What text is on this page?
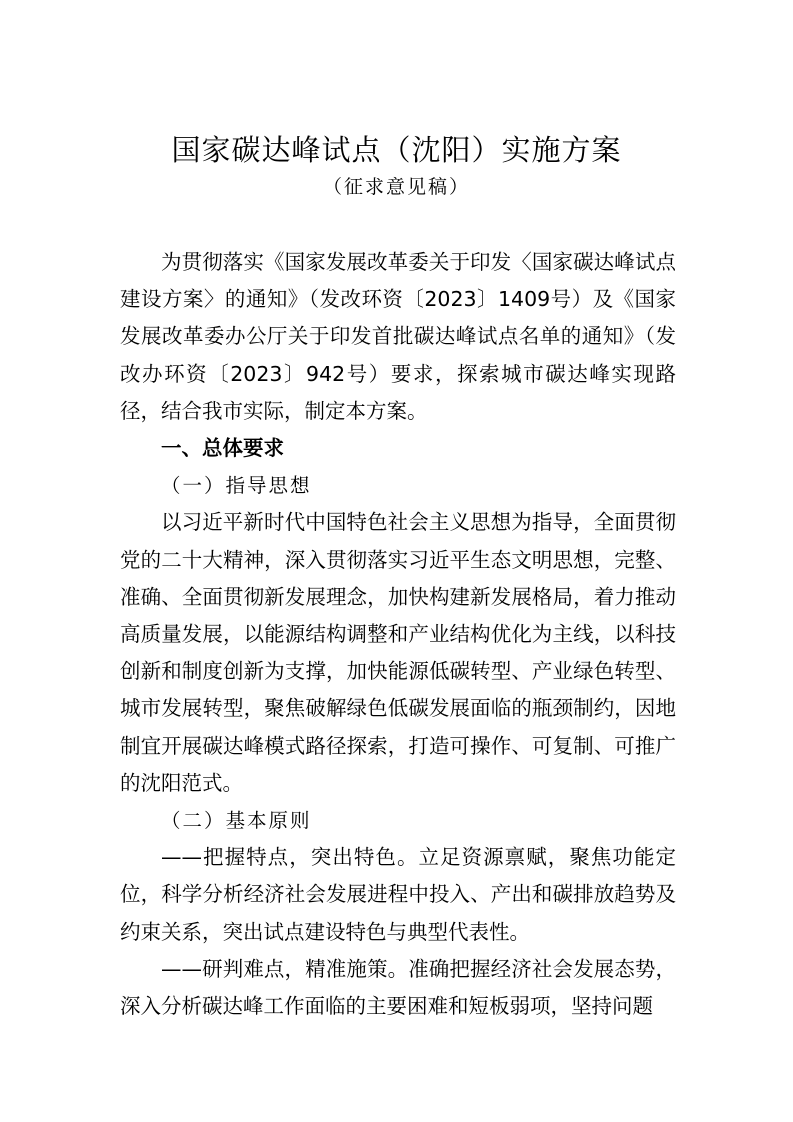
国家碳达峰试点（沈阳）实施方案
（征求意见稿）

为贯彻落实《国家发展改革委关于印发〈国家碳达峰试点建设方案〉的通知》（发改环资〔2023〕1409号）及《国家发展改革委办公厅关于印发首批碳达峰试点名单的通知》（发改办环资〔2023〕942号）要求，探索城市碳达峰实现路径，结合我市实际，制定本方案。

一、总体要求

（一）指导思想

以习近平新时代中国特色社会主义思想为指导，全面贯彻党的二十大精神，深入贯彻落实习近平生态文明思想，完整、准确、全面贯彻新发展理念，加快构建新发展格局，着力推动高质量发展，以能源结构调整和产业结构优化为主线，以科技创新和制度创新为支撑，加快能源低碳转型、产业绿色转型、城市发展转型，聚焦破解绿色低碳发展面临的瓶颈制约，因地制宜开展碳达峰模式路径探索，打造可操作、可复制、可推广的沈阳范式。

（二）基本原则

——把握特点，突出特色。立足资源禀赋，聚焦功能定位，科学分析经济社会发展进程中投入、产出和碳排放趋势及约束关系，突出试点建设特色与典型代表性。

——研判难点，精准施策。准确把握经济社会发展态势，深入分析碳达峰工作面临的主要困难和短板弱项，坚持问题
